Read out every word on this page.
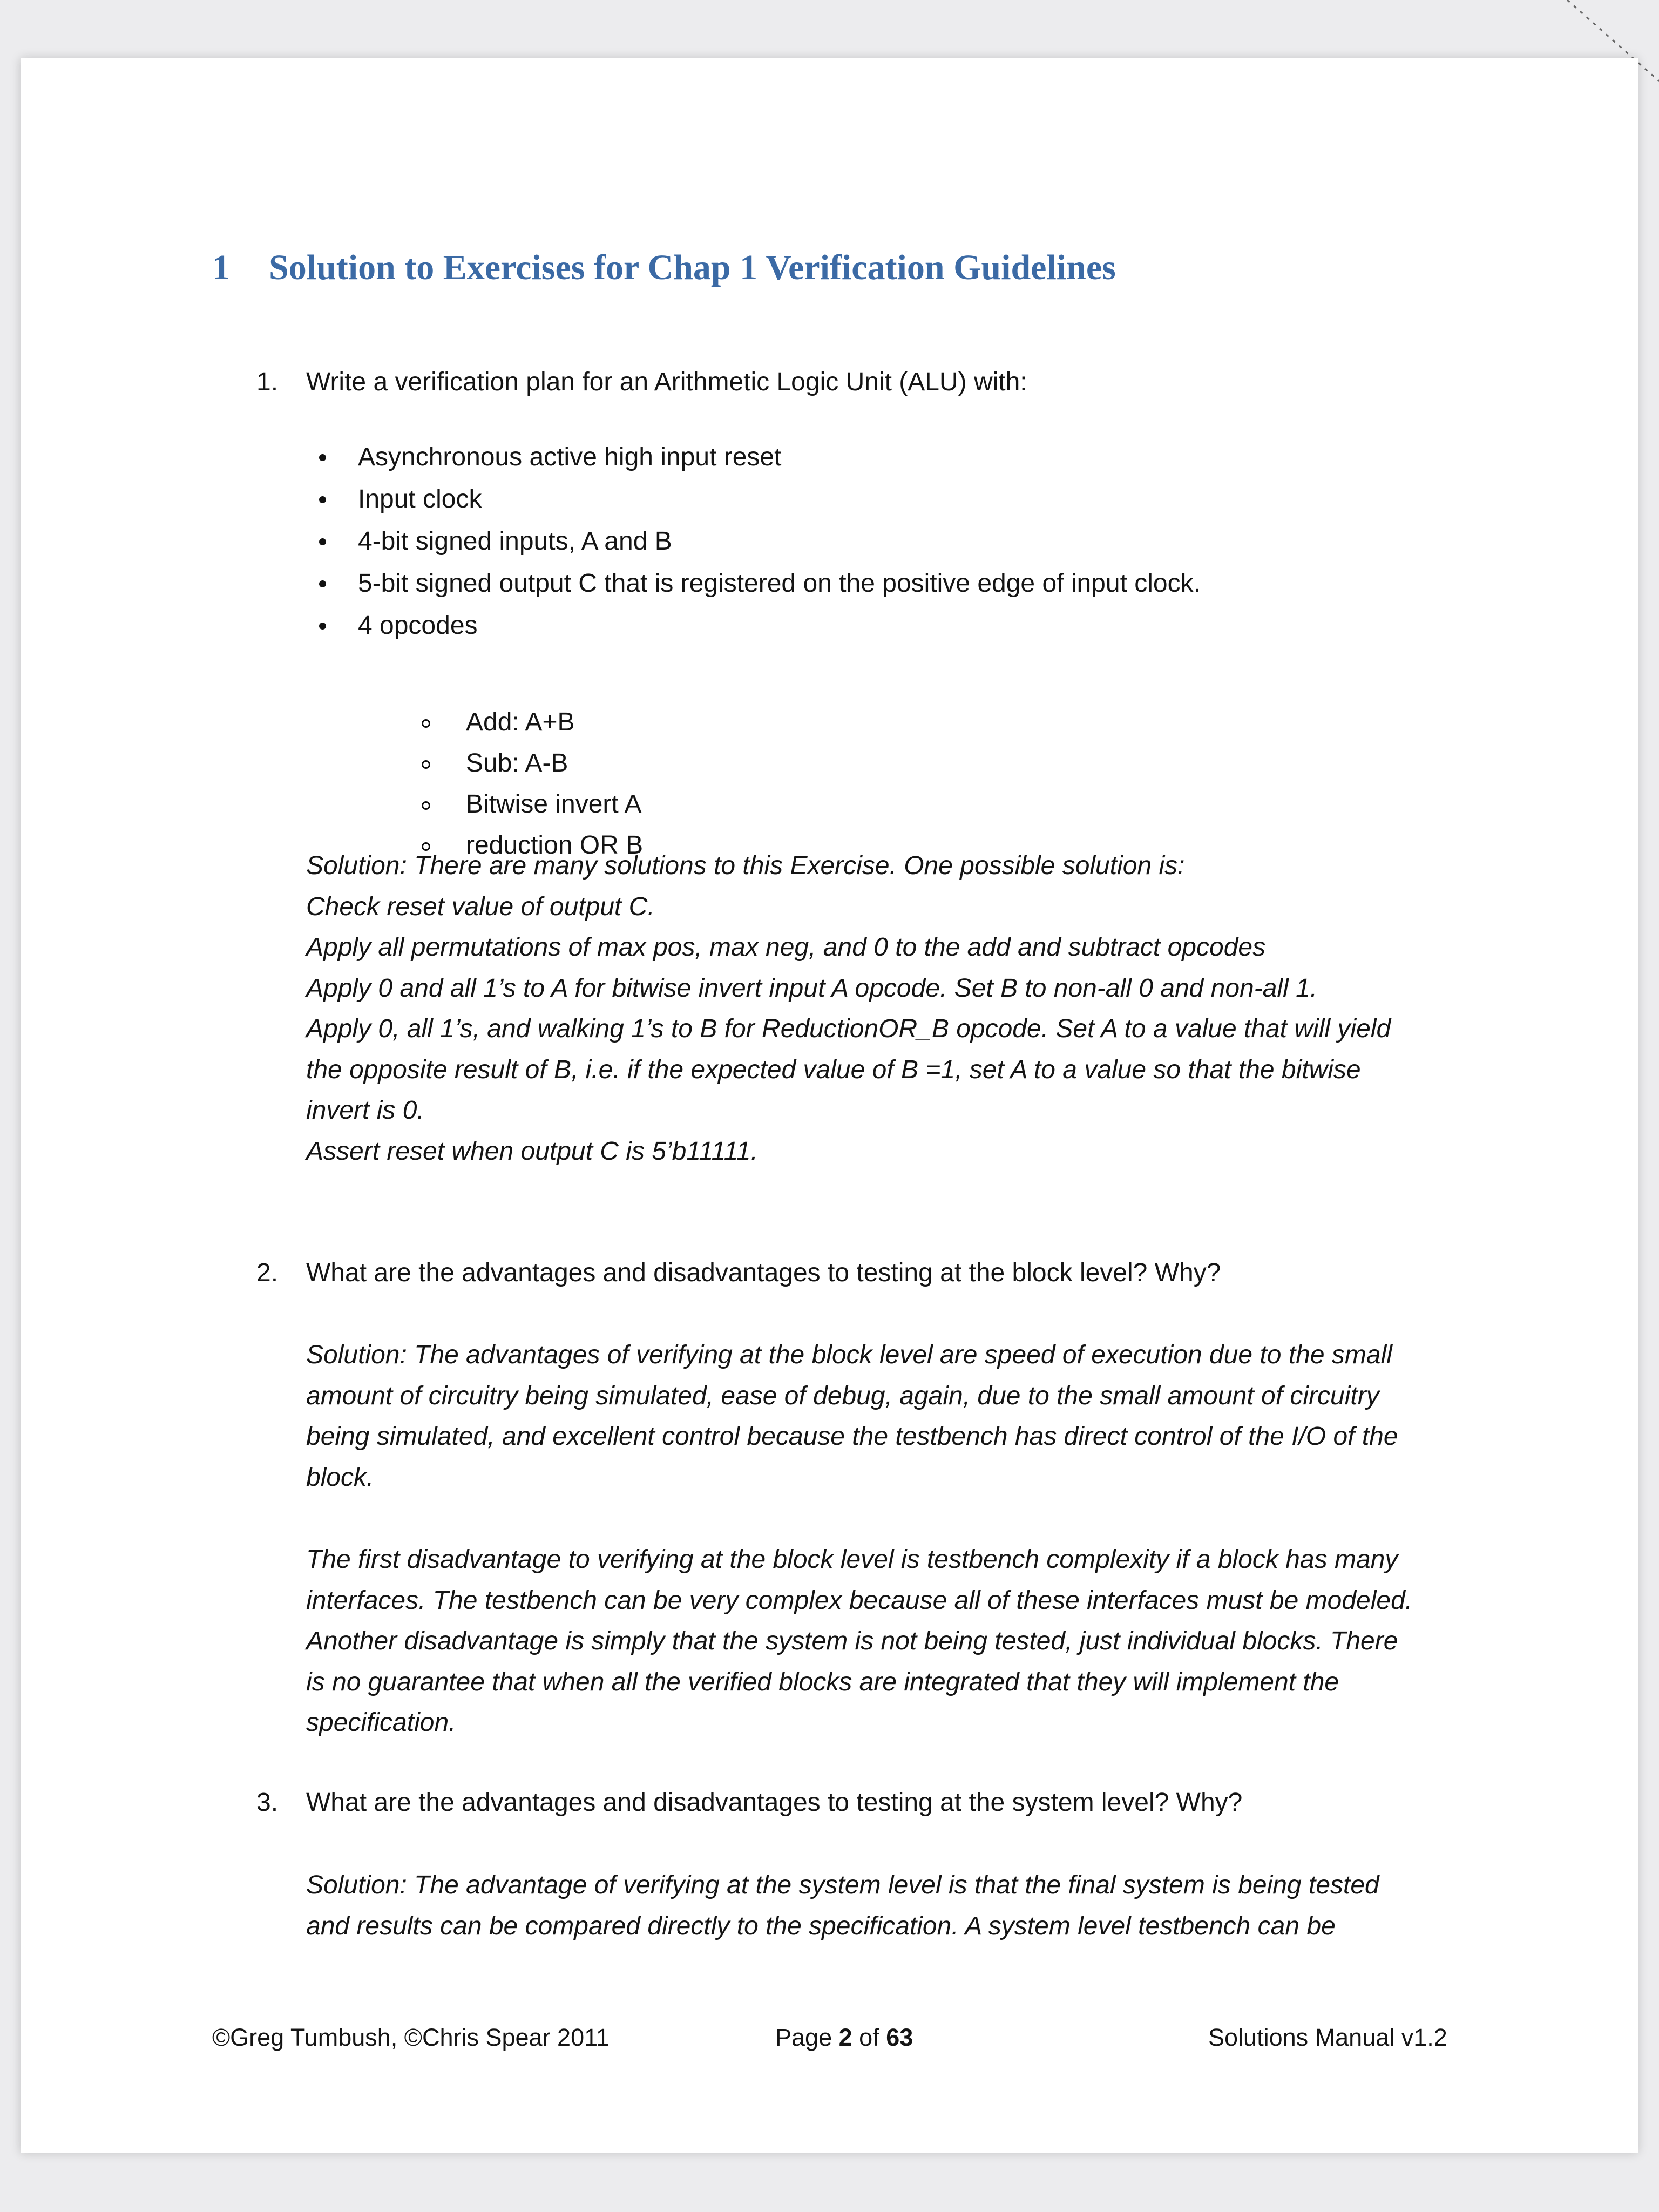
1 Solution to Exercises for Chap 1 Verification Guidelines
1. Write a verification plan for an Arithmetic Logic Unit (ALU) with:
Asynchronous active high input reset
Input clock
4-bit signed inputs, A and B
5-bit signed output C that is registered on the positive edge of input clock.
4 opcodes
Add: A+B
Sub: A-B
Bitwise invert A
reduction OR B
Solution: There are many solutions to this Exercise. One possible solution is:
Check reset value of output C.
Apply all permutations of max pos, max neg, and 0 to the add and subtract opcodes
Apply 0 and all 1’s to A for bitwise invert input A opcode. Set B to non-all 0 and non-all 1.
Apply 0, all 1’s, and walking 1’s to B for ReductionOR_B opcode. Set A to a value that will yield
the opposite result of B, i.e. if the expected value of B =1, set A to a value so that the bitwise
invert is 0.
Assert reset when output C is 5’b11111.
2. What are the advantages and disadvantages to testing at the block level? Why?
Solution: The advantages of verifying at the block level are speed of execution due to the small
amount of circuitry being simulated, ease of debug, again, due to the small amount of circuitry
being simulated, and excellent control because the testbench has direct control of the I/O of the
block.
The first disadvantage to verifying at the block level is testbench complexity if a block has many
interfaces. The testbench can be very complex because all of these interfaces must be modeled.
Another disadvantage is simply that the system is not being tested, just individual blocks. There
is no guarantee that when all the verified blocks are integrated that they will implement the
specification.
3. What are the advantages and disadvantages to testing at the system level? Why?
Solution: The advantage of verifying at the system level is that the final system is being tested
and results can be compared directly to the specification. A system level testbench can be
©Greg Tumbush, ©Chris Spear 2011	Page 2 of 63	Solutions Manual v1.2
